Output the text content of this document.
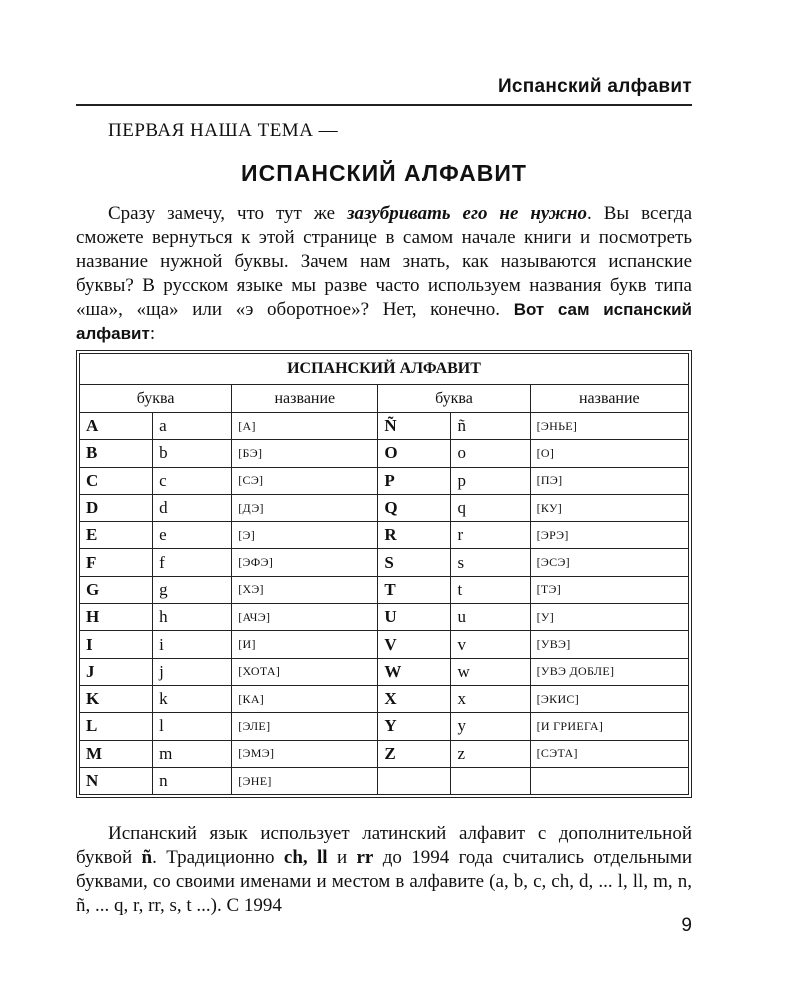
Испанский алфавит
ПЕРВАЯ НАША ТЕМА —
ИСПАНСКИЙ АЛФАВИТ

Сразу замечу, что тут же зазубривать его не нужно. Вы всегда сможете вернуться к этой странице в самом начале книги и посмотреть название нужной буквы. Зачем нам знать, как называются испанские буквы? В русском языке мы разве часто используем названия букв типа «ша», «ща» или «э оборотное»? Нет, конечно. Вот сам испанский алфавит:

ИСПАНСКИЙ АЛФАВИТ					
буква		название	буква		название
A	a	[А]	Ñ	ñ	[ЭНЬЕ]
B	b	[БЭ]	O	o	[О]
C	c	[СЭ]	P	p	[ПЭ]
D	d	[ДЭ]	Q	q	[КУ]
E	e	[Э]	R	r	[ЭРЭ]
F	f	[ЭФЭ]	S	s	[ЭСЭ]
G	g	[ХЭ]	T	t	[ТЭ]
H	h	[АЧЭ]	U	u	[У]
I	i	[И]	V	v	[УВЭ]
J	j	[ХОТА]	W	w	[УВЭ ДОБЛЕ]
K	k	[КА]	X	x	[ЭКИС]
L	l	[ЭЛЕ]	Y	y	[И ГРИЕГА]
M	m	[ЭМЭ]	Z	z	[СЭТА]
N	n	[ЭНЕ]			

Испанский язык использует латинский алфавит с дополнительной буквой ñ. Традиционно ch, ll и rr до 1994 года считались отдельными буквами, со своими именами и местом в алфавите (a, b, c, ch, d, ... l, ll, m, n, ñ, ... q, r, rr, s, t ...). С 1994

9
